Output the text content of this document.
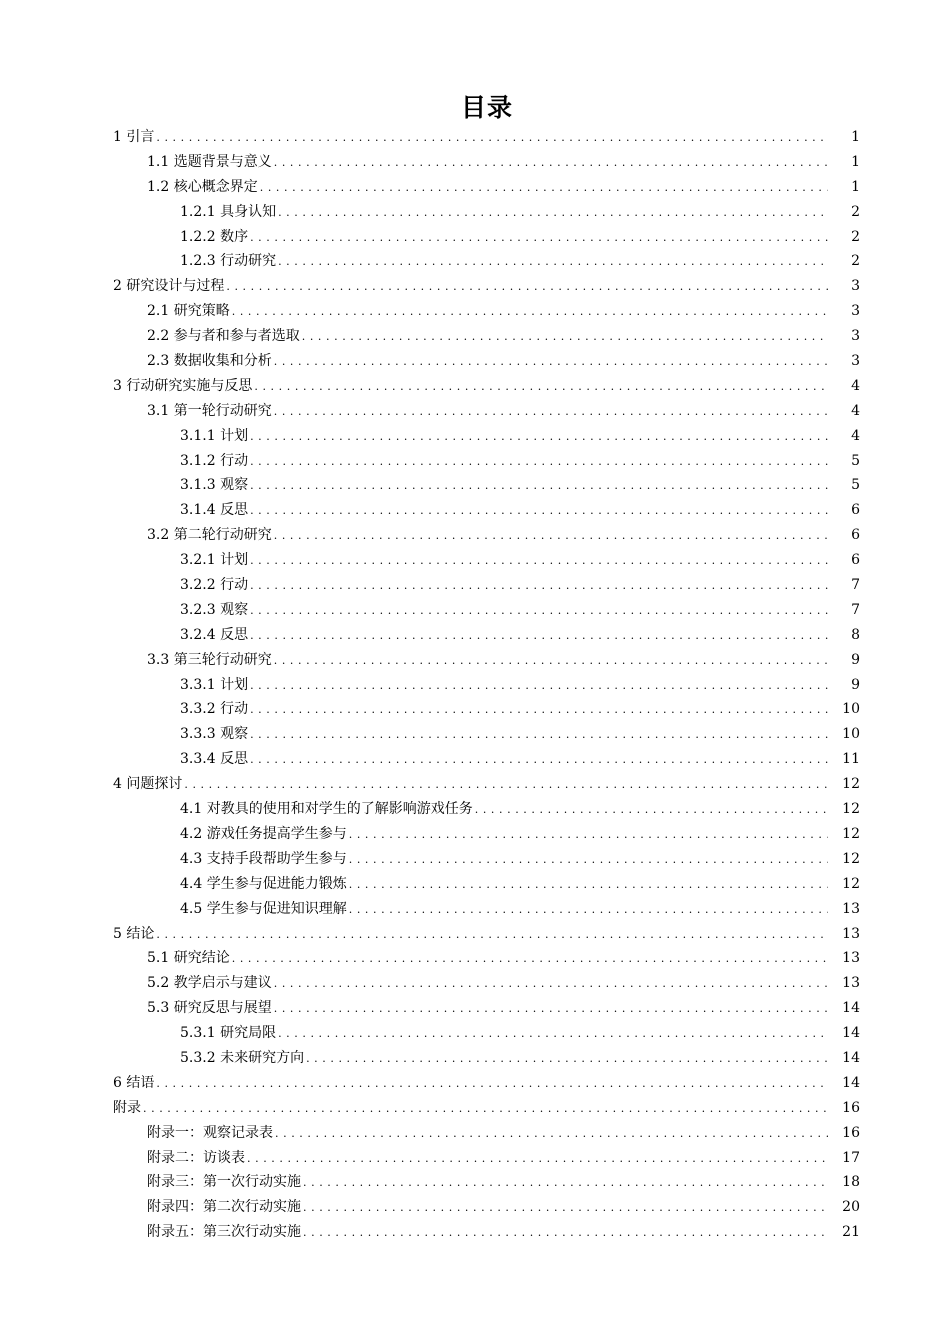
目录
1 引言 .....	1
1.1 选题背景与意义 .....	1
1.2 核心概念界定 .....	1
1.2.1 具身认知 .....	2
1.2.2 数序 .....	2
1.2.3 行动研究 .....	2
2 研究设计与过程 .....	3
2.1 研究策略 .....	3
2.2 参与者和参与者选取 .....	3
2.3 数据收集和分析 .....	3
3 行动研究实施与反思 .....	4
3.1 第一轮行动研究 .....	4
3.1.1 计划 .....	4
3.1.2 行动 .....	5
3.1.3 观察 .....	5
3.1.4 反思 .....	6
3.2 第二轮行动研究 .....	6
3.2.1 计划 .....	6
3.2.2 行动 .....	7
3.2.3 观察 .....	7
3.2.4 反思 .....	8
3.3 第三轮行动研究 .....	9
3.3.1 计划 .....	9
3.3.2 行动 .....	10
3.3.3 观察 .....	10
3.3.4 反思 .....	11
4 问题探讨 .....	12
4.1 对教具的使用和对学生的了解影响游戏任务 .....	12
4.2 游戏任务提高学生参与 .....	12
4.3 支持手段帮助学生参与 .....	12
4.4 学生参与促进能力锻炼 .....	12
4.5 学生参与促进知识理解 .....	13
5 结论 .....	13
5.1 研究结论 .....	13
5.2 教学启示与建议 .....	13
5.3 研究反思与展望 .....	14
5.3.1 研究局限 .....	14
5.3.2 未来研究方向 .....	14
6 结语 .....	14
附录 .....	16
附录一：观察记录表 .....	16
附录二：访谈表 .....	17
附录三：第一次行动实施 .....	18
附录四：第二次行动实施 .....	20
附录五：第三次行动实施 .....	21
